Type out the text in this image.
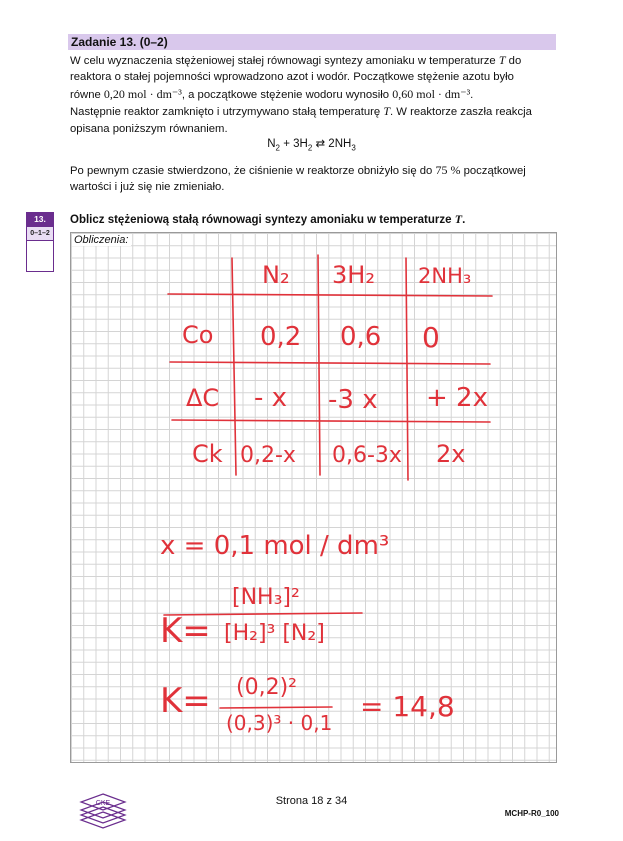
Zadanie 13. (0–2)

W celu wyznaczenia stężeniowej stałej równowagi syntezy amoniaku w temperaturze T do

reaktora o stałej pojemności wprowadzono azot i wodór. Początkowe stężenie azotu było

równe 0,20 mol · dm⁻³, a początkowe stężenie wodoru wynosiło 0,60 mol · dm⁻³.

Następnie reaktor zamknięto i utrzymywano stałą temperaturę T. W reaktorze zaszła reakcja

opisana poniższym równaniem.

$N_2 + 3H_2$ ⇄ $2NH_3$

Po pewnym czasie stwierdzono, że ciśnienie w reaktorze obniżyło się do 75 % początkowej

wartości i już się nie zmieniało.

13.
0–1–2
Oblicz stężeniową stałą równowagi syntezy amoniaku w temperaturze T.
Obliczenia:
N₂ 3H₂ 2NH₃
Co 0,2 0,6 0
ΔC - x -3 x + 2x
Ck 0,2-x 0,6-3x 2x
x = 0,1 mol / dm³
K=
[NH₃]²
[H₂]³ [N₂]
K= (0,2)²
(0,3)³ · 0,1 = 14,8
CKE	Strona 18 z 34
MCHP-R0_100
